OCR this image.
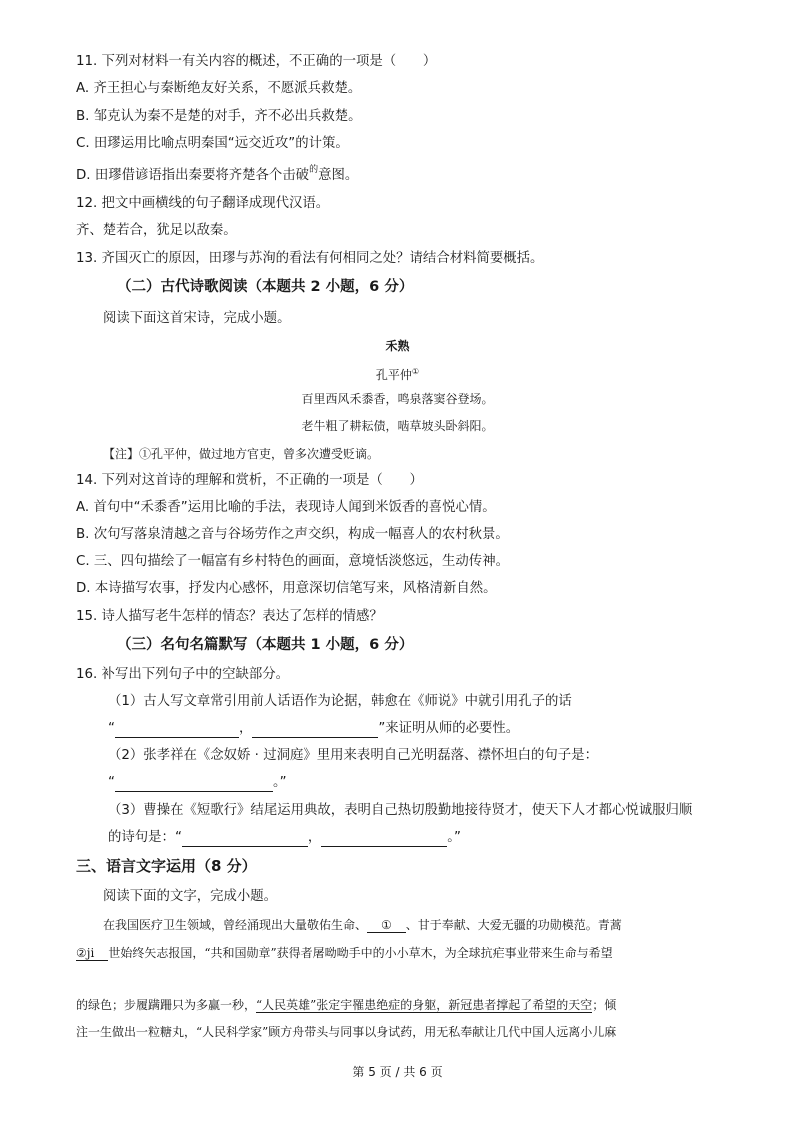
11. 下列对材料一有关内容的概述，不正确的一项是（　　）
A. 齐王担心与秦断绝友好关系，不愿派兵救楚。
B. 邹克认为秦不是楚的对手，齐不必出兵救楚。
C. 田璆运用比喻点明秦国“远交近攻”的计策。
D. 田璆借谚语指出秦要将齐楚各个击破$^的$意图。
12. 把文中画横线的句子翻译成现代汉语。
齐、楚若合，犹足以敌秦。
13. 齐国灭亡的原因，田璆与苏洵的看法有何相同之处？请结合材料简要概括。
（二）古代诗歌阅读（本题共 2 小题，6 分）
阅读下面这首宋诗，完成小题。
禾熟
孔平仲①
百里西风禾黍香，鸣泉落窦谷登场。
老牛粗了耕耘债，啮草坡头卧斜阳。
【注】①孔平仲，做过地方官吏，曾多次遭受贬谪。
14. 下列对这首诗的理解和赏析，不正确的一项是（　　）
A. 首句中“禾黍香”运用比喻的手法，表现诗人闻到米饭香的喜悦心情。
B. 次句写落泉清越之音与谷场劳作之声交织，构成一幅喜人的农村秋景。
C. 三、四句描绘了一幅富有乡村特色的画面，意境恬淡悠远，生动传神。
D. 本诗描写农事，抒发内心感怀，用意深切信笔写来，风格清新自然。
15. 诗人描写老牛怎样的情态？表达了怎样的情感？
（三）名句名篇默写（本题共 1 小题，6 分）
16. 补写出下列句子中的空缺部分。
（1）古人写文章常引用前人话语作为论据，韩愈在《师说》中就引用孔子的话
“	，	”来证明从师的必要性。
（2）张孝祥在《念奴娇 · 过洞庭》里用来表明自己光明磊落、襟怀坦白的句子是：
“	。”
（3）曹操在《短歌行》结尾运用典故，表明自己热切殷勤地接待贤才，使天下人才都心悦诚服归顺
的诗句是：“	，	。”
三、语言文字运用（8 分）
阅读下面的文字，完成小题。
在我国医疗卫生领域，曾经涌现出大量敬佑生命、 ① 、甘于奉献、大爱无疆的功勋模范。青蒿
②ji 世始终矢志报国，“共和国勋章”获得者屠呦呦手中的小小草木，为全球抗疟事业带来生命与希望
的绿色；步履蹒跚只为多赢一秒，“人民英雄”张定宇罹患绝症的身躯，新冠患者撑起了希望的天空；倾
注一生做出一粒糖丸，“人民科学家”顾方舟带头与同事以身试药，用无私奉献让几代中国人远离小儿麻
第 5 页 / 共 6 页
